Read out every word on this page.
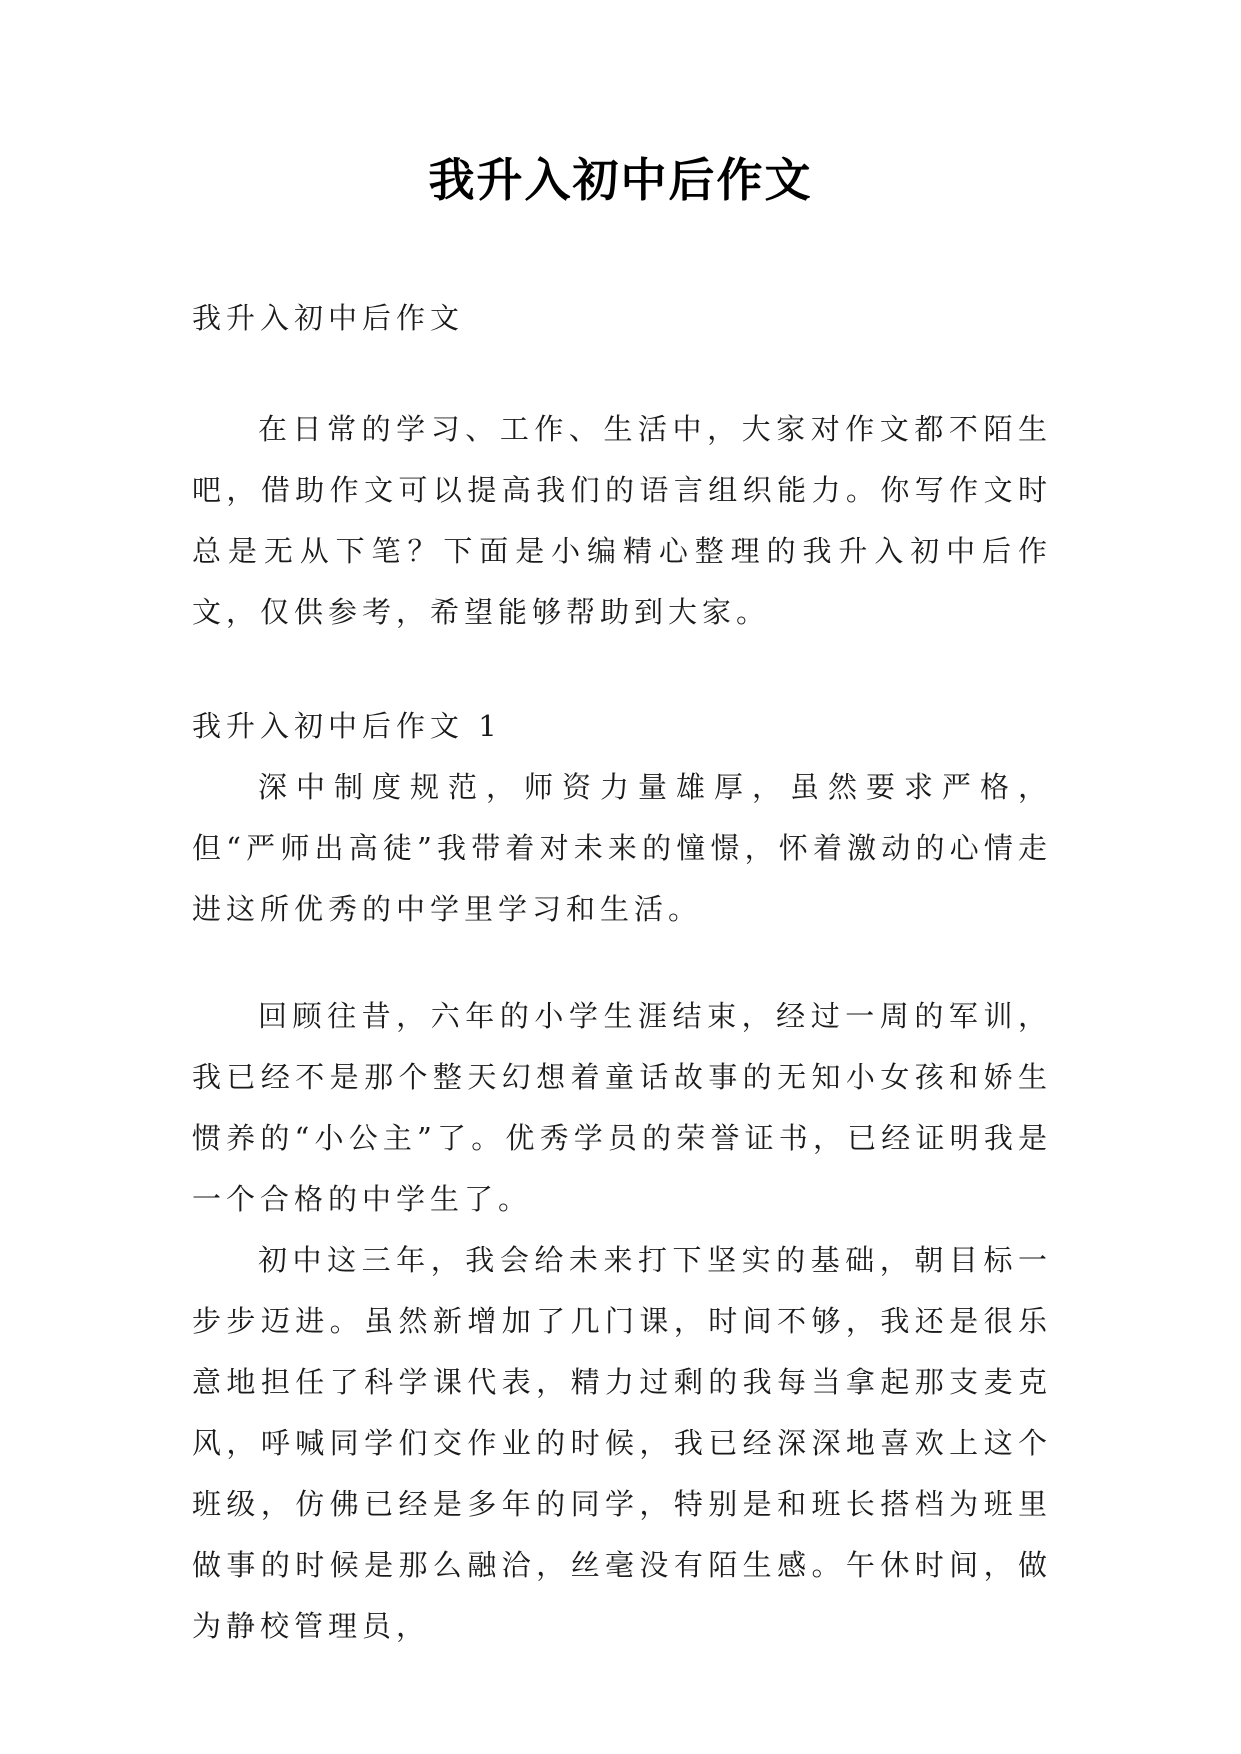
我升入初中后作文

我升入初中后作文

在日常的学习、工作、生活中，大家对作文都不陌生吧，借助作文可以提高我们的语言组织能力。你写作文时总是无从下笔？下面是小编精心整理的我升入初中后作文，仅供参考，希望能够帮助到大家。

我升入初中后作文 1

深中制度规范，师资力量雄厚，虽然要求严格，但“严师出高徒”我带着对未来的憧憬，怀着激动的心情走进这所优秀的中学里学习和生活。

回顾往昔，六年的小学生涯结束，经过一周的军训，我已经不是那个整天幻想着童话故事的无知小女孩和娇生惯养的“小公主”了。优秀学员的荣誉证书，已经证明我是一个合格的中学生了。

初中这三年，我会给未来打下坚实的基础，朝目标一步步迈进。虽然新增加了几门课，时间不够，我还是很乐意地担任了科学课代表，精力过剩的我每当拿起那支麦克风，呼喊同学们交作业的时候，我已经深深地喜欢上这个班级，仿佛已经是多年的同学，特别是和班长搭档为班里做事的时候是那么融洽，丝毫没有陌生感。午休时间，做为静校管理员，
